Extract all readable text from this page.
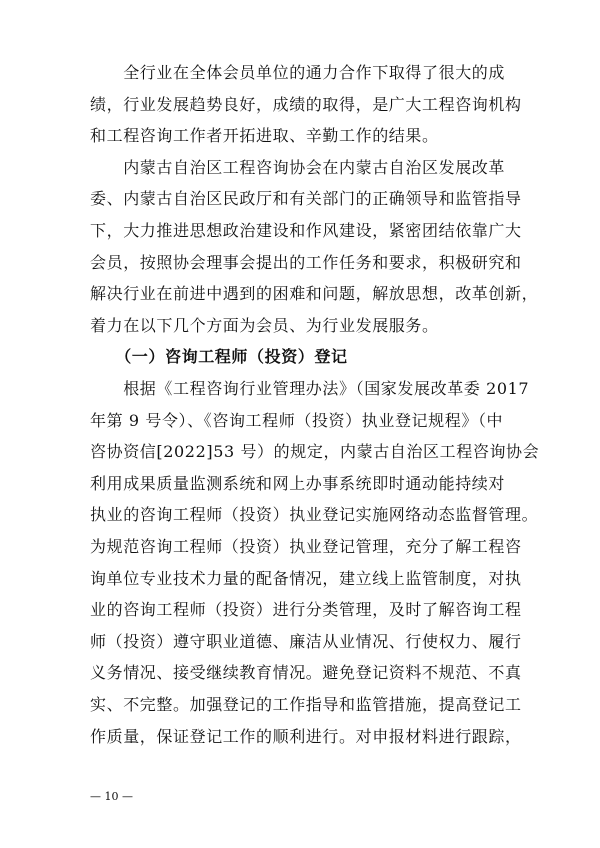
　　全行业在全体会员单位的通力合作下取得了很大的成
绩，行业发展趋势良好，成绩的取得，是广大工程咨询机构
和工程咨询工作者开拓进取、辛勤工作的结果。
　　内蒙古自治区工程咨询协会在内蒙古自治区发展改革
委、内蒙古自治区民政厅和有关部门的正确领导和监管指导
下，大力推进思想政治建设和作风建设，紧密团结依靠广大
会员，按照协会理事会提出的工作任务和要求，积极研究和
解决行业在前进中遇到的困难和问题，解放思想，改革创新，
着力在以下几个方面为会员、为行业发展服务。
　　（一）咨询工程师（投资）登记
　　根据《工程咨询行业管理办法》（国家发展改革委 2017
年第 9 号令）、《咨询工程师（投资）执业登记规程》（中
咨协资信[2022]53 号）的规定，内蒙古自治区工程咨询协会
利用成果质量监测系统和网上办事系统即时通动能持续对
执业的咨询工程师（投资）执业登记实施网络动态监督管理。
为规范咨询工程师（投资）执业登记管理，充分了解工程咨
询单位专业技术力量的配备情况，建立线上监管制度，对执
业的咨询工程师（投资）进行分类管理，及时了解咨询工程
师（投资）遵守职业道德、廉洁从业情况、行使权力、履行
义务情况、接受继续教育情况。避免登记资料不规范、不真
实、不完整。加强登记的工作指导和监管措施，提高登记工
作质量，保证登记工作的顺利进行。对申报材料进行跟踪，
— 10 —
